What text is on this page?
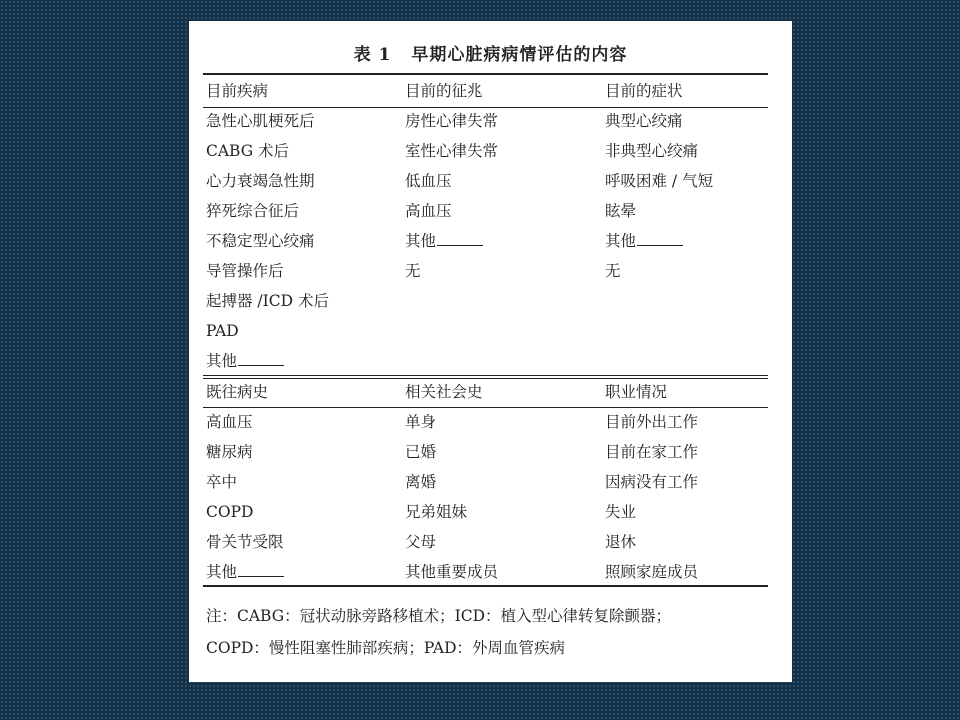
表 1 早期心脏病病情评估的内容
目前疾病	目前的征兆	目前的症状
急性心肌梗死后	房性心律失常	典型心绞痛
CABG 术后	室性心律失常	非典型心绞痛
心力衰竭急性期	低血压	呼吸困难 / 气短
猝死综合征后	高血压	眩晕
不稳定型心绞痛	其他	其他
导管操作后	无	无
起搏器 /ICD 术后
PAD
其他
既往病史	相关社会史	职业情况
高血压	单身	目前外出工作
糖尿病	已婚	目前在家工作
卒中	离婚	因病没有工作
COPD	兄弟姐妹	失业
骨关节受限	父母	退休
其他	其他重要成员	照顾家庭成员
注：CABG：冠状动脉旁路移植术；ICD：植入型心律转复除颤器；
COPD：慢性阻塞性肺部疾病；PAD：外周血管疾病
